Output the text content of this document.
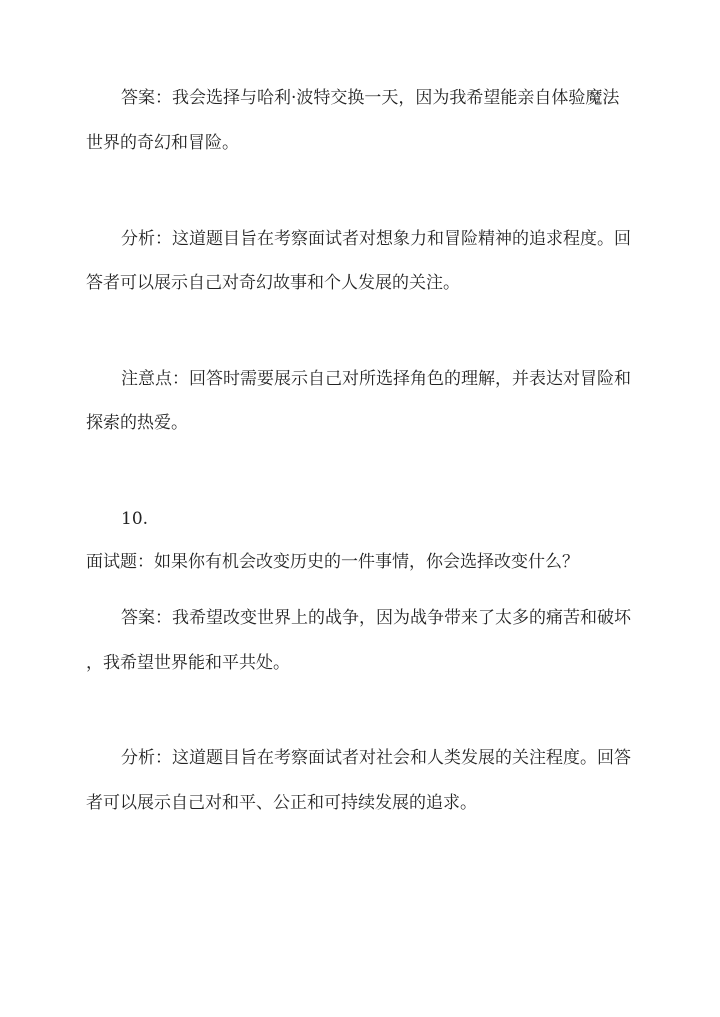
答案：我会选择与哈利·波特交换一天，因为我希望能亲自体验魔法
世界的奇幻和冒险。
分析：这道题目旨在考察面试者对想象力和冒险精神的追求程度。回
答者可以展示自己对奇幻故事和个人发展的关注。
注意点：回答时需要展示自己对所选择角色的理解，并表达对冒险和
探索的热爱。
10.
面试题：如果你有机会改变历史的一件事情，你会选择改变什么？
答案：我希望改变世界上的战争，因为战争带来了太多的痛苦和破坏
，我希望世界能和平共处。
分析：这道题目旨在考察面试者对社会和人类发展的关注程度。回答
者可以展示自己对和平、公正和可持续发展的追求。
